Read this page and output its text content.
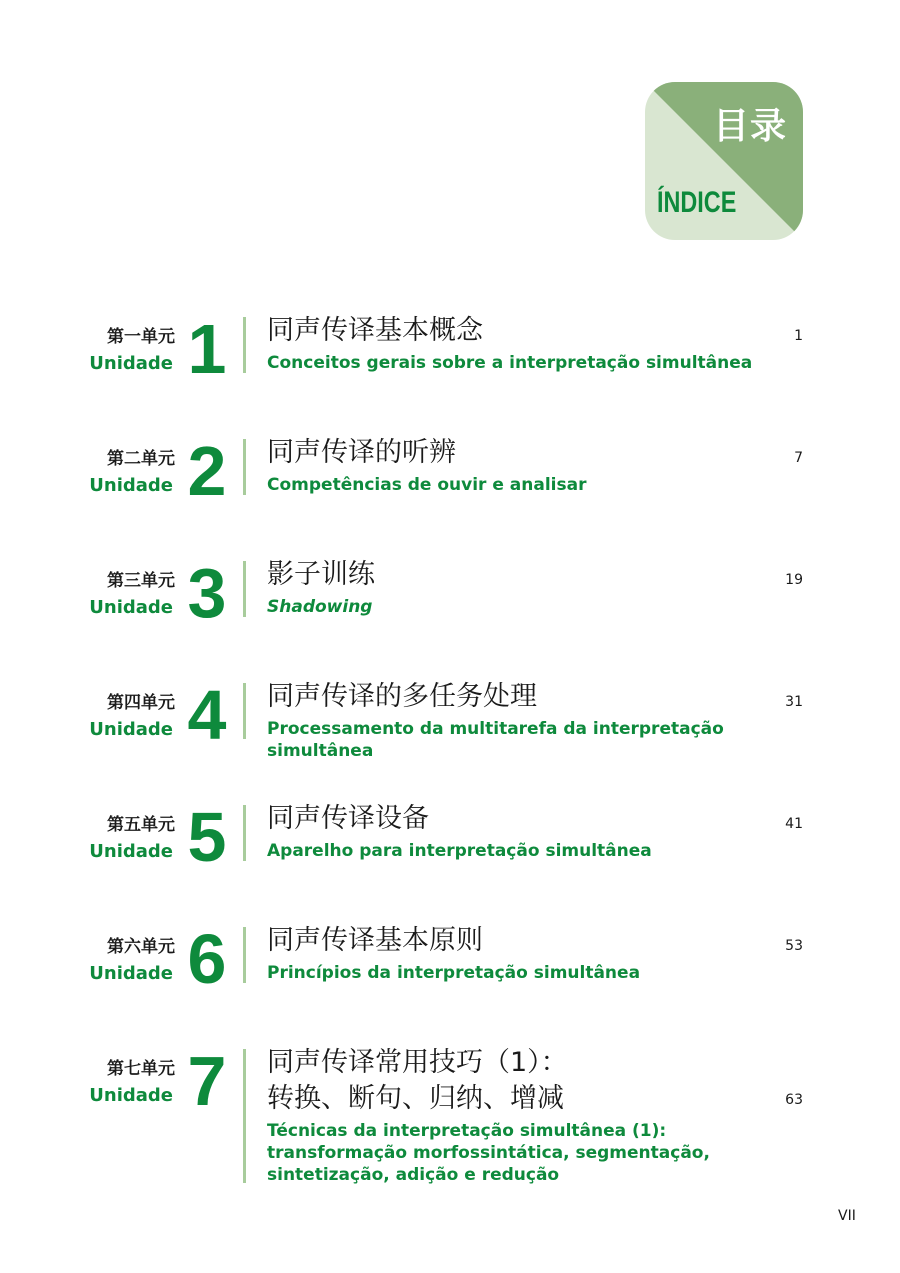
目录
ÍNDICE
第一单元
Unidade 1 同声传译基本概念
Conceitos gerais sobre a interpretação simultânea
1
第二单元
Unidade 2 同声传译的听辨
Competências de ouvir e analisar
7
第三单元
Unidade 3 影子训练
Shadowing
19
第四单元
Unidade 4 同声传译的多任务处理
Processamento da multitarefa da interpretação simultânea
31
第五单元
Unidade 5 同声传译设备
Aparelho para interpretação simultânea
41
第六单元
Unidade 6 同声传译基本原则
Princípios da interpretação simultânea
53
第七单元
Unidade 7 同声传译常用技巧（1）：
转换、断句、归纳、增减
Técnicas da interpretação simultânea (1): transformação morfossintática, segmentação, sintetização, adição e redução
63
VII
